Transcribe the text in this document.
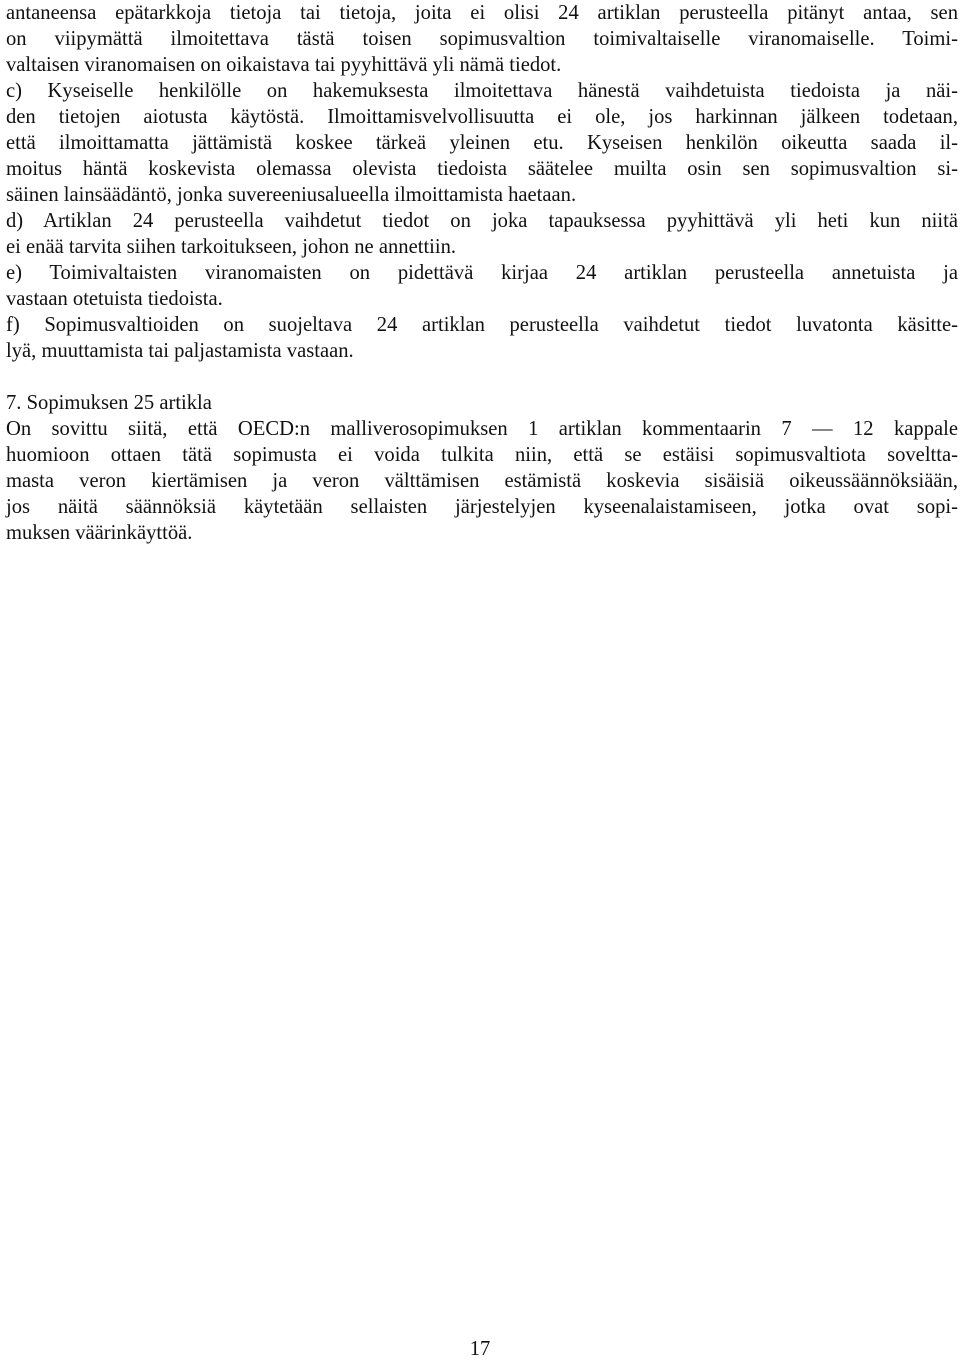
antaneensa epätarkkoja tietoja tai tietoja, joita ei olisi 24 artiklan perusteella pitänyt antaa, sen
on viipymättä ilmoitettava tästä toisen sopimusvaltion toimivaltaiselle viranomaiselle. Toimi-
valtaisen viranomaisen on oikaistava tai pyyhittävä yli nämä tiedot.
c) Kyseiselle henkilölle on hakemuksesta ilmoitettava hänestä vaihdetuista tiedoista ja näi-
den tietojen aiotusta käytöstä. Ilmoittamisvelvollisuutta ei ole, jos harkinnan jälkeen todetaan,
että ilmoittamatta jättämistä koskee tärkeä yleinen etu. Kyseisen henkilön oikeutta saada il-
moitus häntä koskevista olemassa olevista tiedoista säätelee muilta osin sen sopimusvaltion si-
säinen lainsäädäntö, jonka suvereeniusalueella ilmoittamista haetaan.
d) Artiklan 24 perusteella vaihdetut tiedot on joka tapauksessa pyyhittävä yli heti kun niitä
ei enää tarvita siihen tarkoitukseen, johon ne annettiin.
e) Toimivaltaisten viranomaisten on pidettävä kirjaa 24 artiklan perusteella annetuista ja
vastaan otetuista tiedoista.
f) Sopimusvaltioiden on suojeltava 24 artiklan perusteella vaihdetut tiedot luvatonta käsitte-
lyä, muuttamista tai paljastamista vastaan.
7. Sopimuksen 25 artikla
On sovittu siitä, että OECD:n malliverosopimuksen 1 artiklan kommentaarin 7 — 12 kappale
huomioon ottaen tätä sopimusta ei voida tulkita niin, että se estäisi sopimusvaltiota soveltta-
masta veron kiertämisen ja veron välttämisen estämistä koskevia sisäisiä oikeussäännöksiään,
jos näitä säännöksiä käytetään sellaisten järjestelyjen kyseenalaistamiseen, jotka ovat sopi-
muksen väärinkäyttöä.
17
